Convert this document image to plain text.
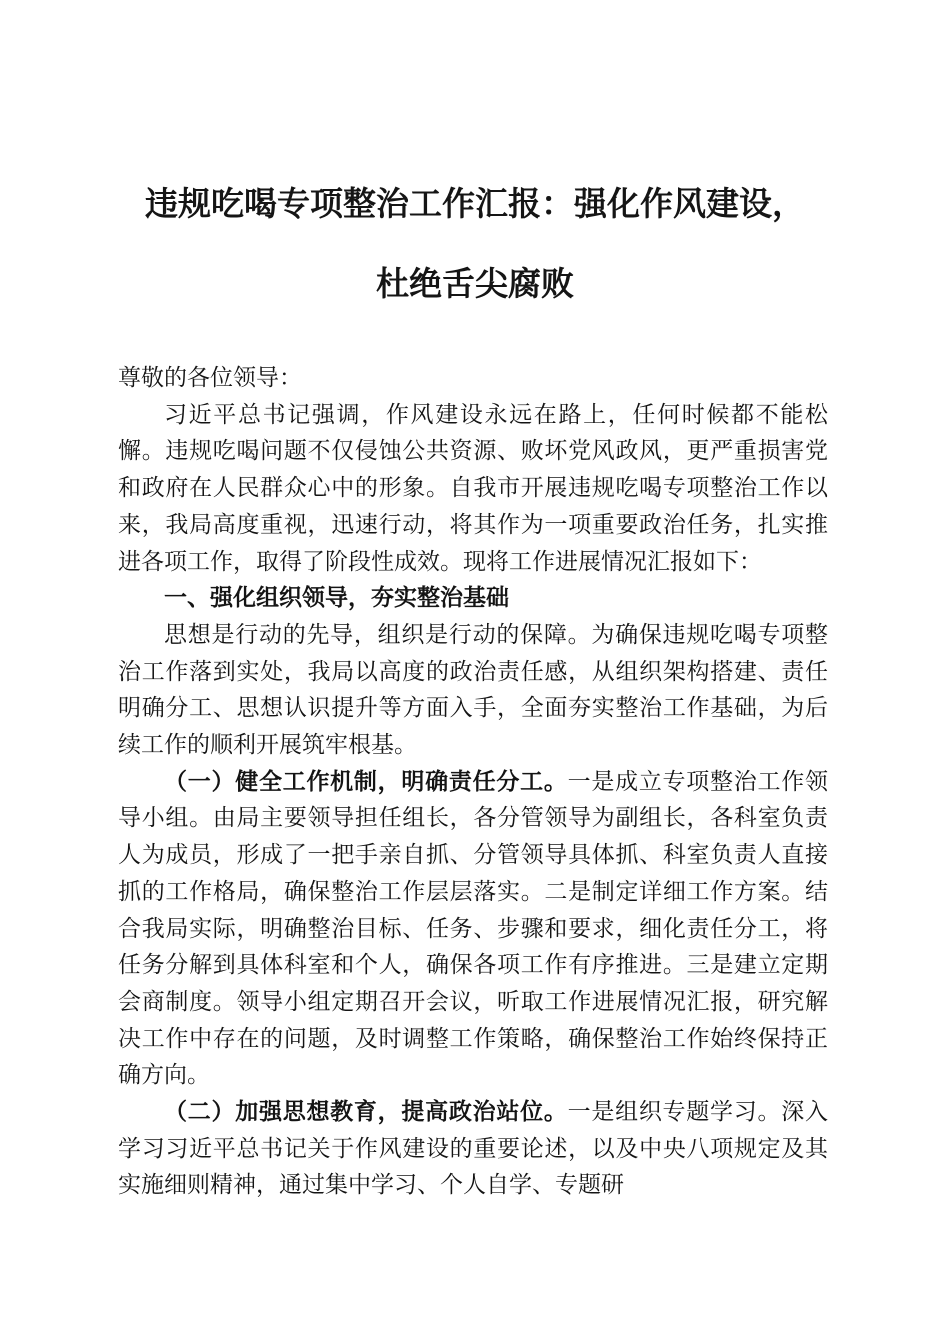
违规吃喝专项整治工作汇报：强化作风建设，
杜绝舌尖腐败

尊敬的各位领导：

习近平总书记强调，作风建设永远在路上，任何时候都不能松懈。违规吃喝问题不仅侵蚀公共资源、败坏党风政风，更严重损害党和政府在人民群众心中的形象。自我市开展违规吃喝专项整治工作以来，我局高度重视，迅速行动，将其作为一项重要政治任务，扎实推进各项工作，取得了阶段性成效。现将工作进展情况汇报如下：

一、强化组织领导，夯实整治基础

思想是行动的先导，组织是行动的保障。为确保违规吃喝专项整治工作落到实处，我局以高度的政治责任感，从组织架构搭建、责任明确分工、思想认识提升等方面入手，全面夯实整治工作基础，为后续工作的顺利开展筑牢根基。

（一）健全工作机制，明确责任分工。一是成立专项整治工作领导小组。由局主要领导担任组长，各分管领导为副组长，各科室负责人为成员，形成了一把手亲自抓、分管领导具体抓、科室负责人直接抓的工作格局，确保整治工作层层落实。二是制定详细工作方案。结合我局实际，明确整治目标、任务、步骤和要求，细化责任分工，将任务分解到具体科室和个人，确保各项工作有序推进。三是建立定期会商制度。领导小组定期召开会议，听取工作进展情况汇报，研究解决工作中存在的问题，及时调整工作策略，确保整治工作始终保持正确方向。

（二）加强思想教育，提高政治站位。一是组织专题学习。深入学习习近平总书记关于作风建设的重要论述，以及中央八项规定及其实施细则精神，通过集中学习、个人自学、专题研
